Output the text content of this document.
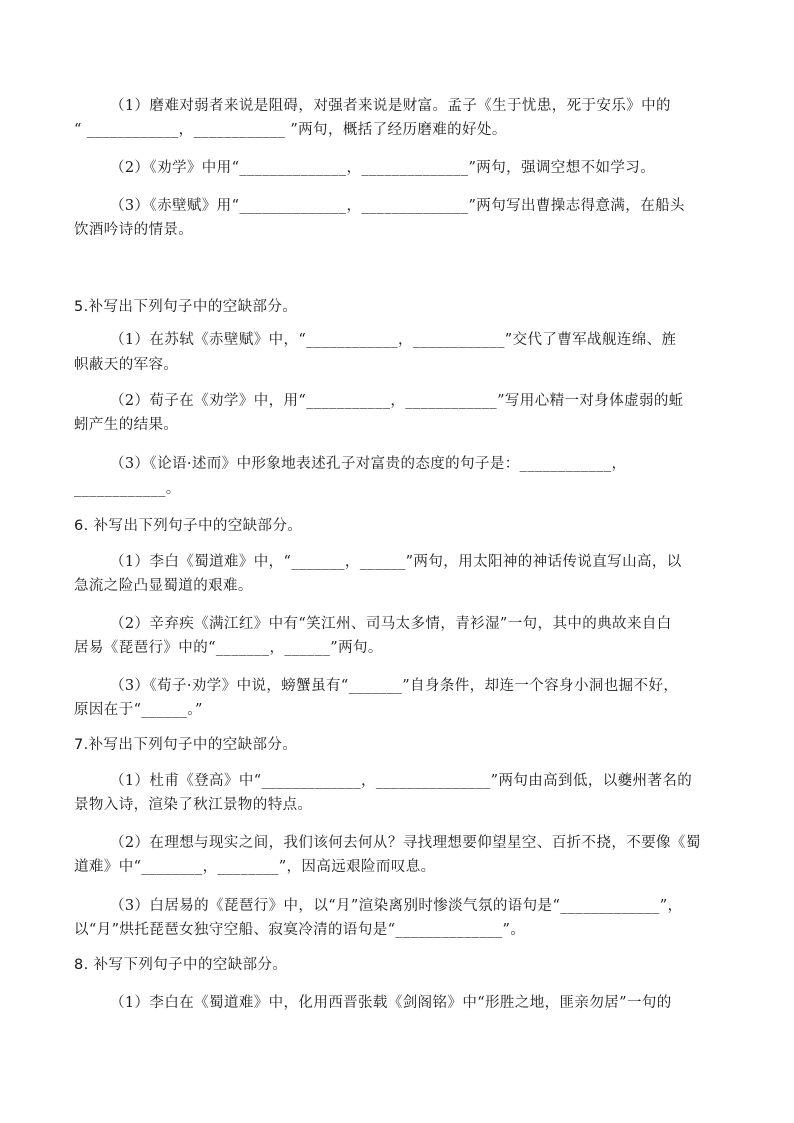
（1）磨难对弱者来说是阻碍，对强者来说是财富。孟子《生于忧患，死于安乐》中的
“ ____________，____________ ”两句，概括了经历磨难的好处。
（2）《劝学》中用“______________，______________”两句，强调空想不如学习。
（3）《赤壁赋》用“______________，______________”两句写出曹操志得意满，在船头
饮酒吟诗的情景。
5.补写出下列句子中的空缺部分。
（1）在苏轼《赤壁赋》中，“____________，____________”交代了曹军战舰连绵、旌
帜蔽天的军容。
（2）荀子在《劝学》中，用“___________，____________”写用心精一对身体虚弱的蚯
蚓产生的结果。
（3）《论语·述而》中形象地表述孔子对富贵的态度的句子是：____________，
____________。
6. 补写出下列句子中的空缺部分。
（1）李白《蜀道难》中，“_______，______”两句，用太阳神的神话传说直写山高，以
急流之险凸显蜀道的艰难。
（2）辛弃疾《满江红》中有“笑江州、司马太多情，青衫湿”一句，其中的典故来自白
居易《琵琶行》中的“_______，______”两句。
（3）《荀子·劝学》中说，螃蟹虽有“_______”自身条件，却连一个容身小洞也掘不好，
原因在于“______。”
7.补写出下列句子中的空缺部分。
（1）杜甫《登高》中“_____________，_______________”两句由高到低，以夔州著名的
景物入诗，渲染了秋江景物的特点。
（2）在理想与现实之间，我们该何去何从？寻找理想要仰望星空、百折不挠，不要像《蜀
道难》中“________，________”，因高远艰险而叹息。
（3）白居易的《琵琶行》中，以“月”渲染离别时惨淡气氛的语句是“_____________”，
以“月”烘托琵琶女独守空船、寂寞冷清的语句是“______________”。
8. 补写下列句子中的空缺部分。
（1）李白在《蜀道难》中，化用西晋张载《剑阁铭》中“形胜之地，匪亲勿居”一句的
